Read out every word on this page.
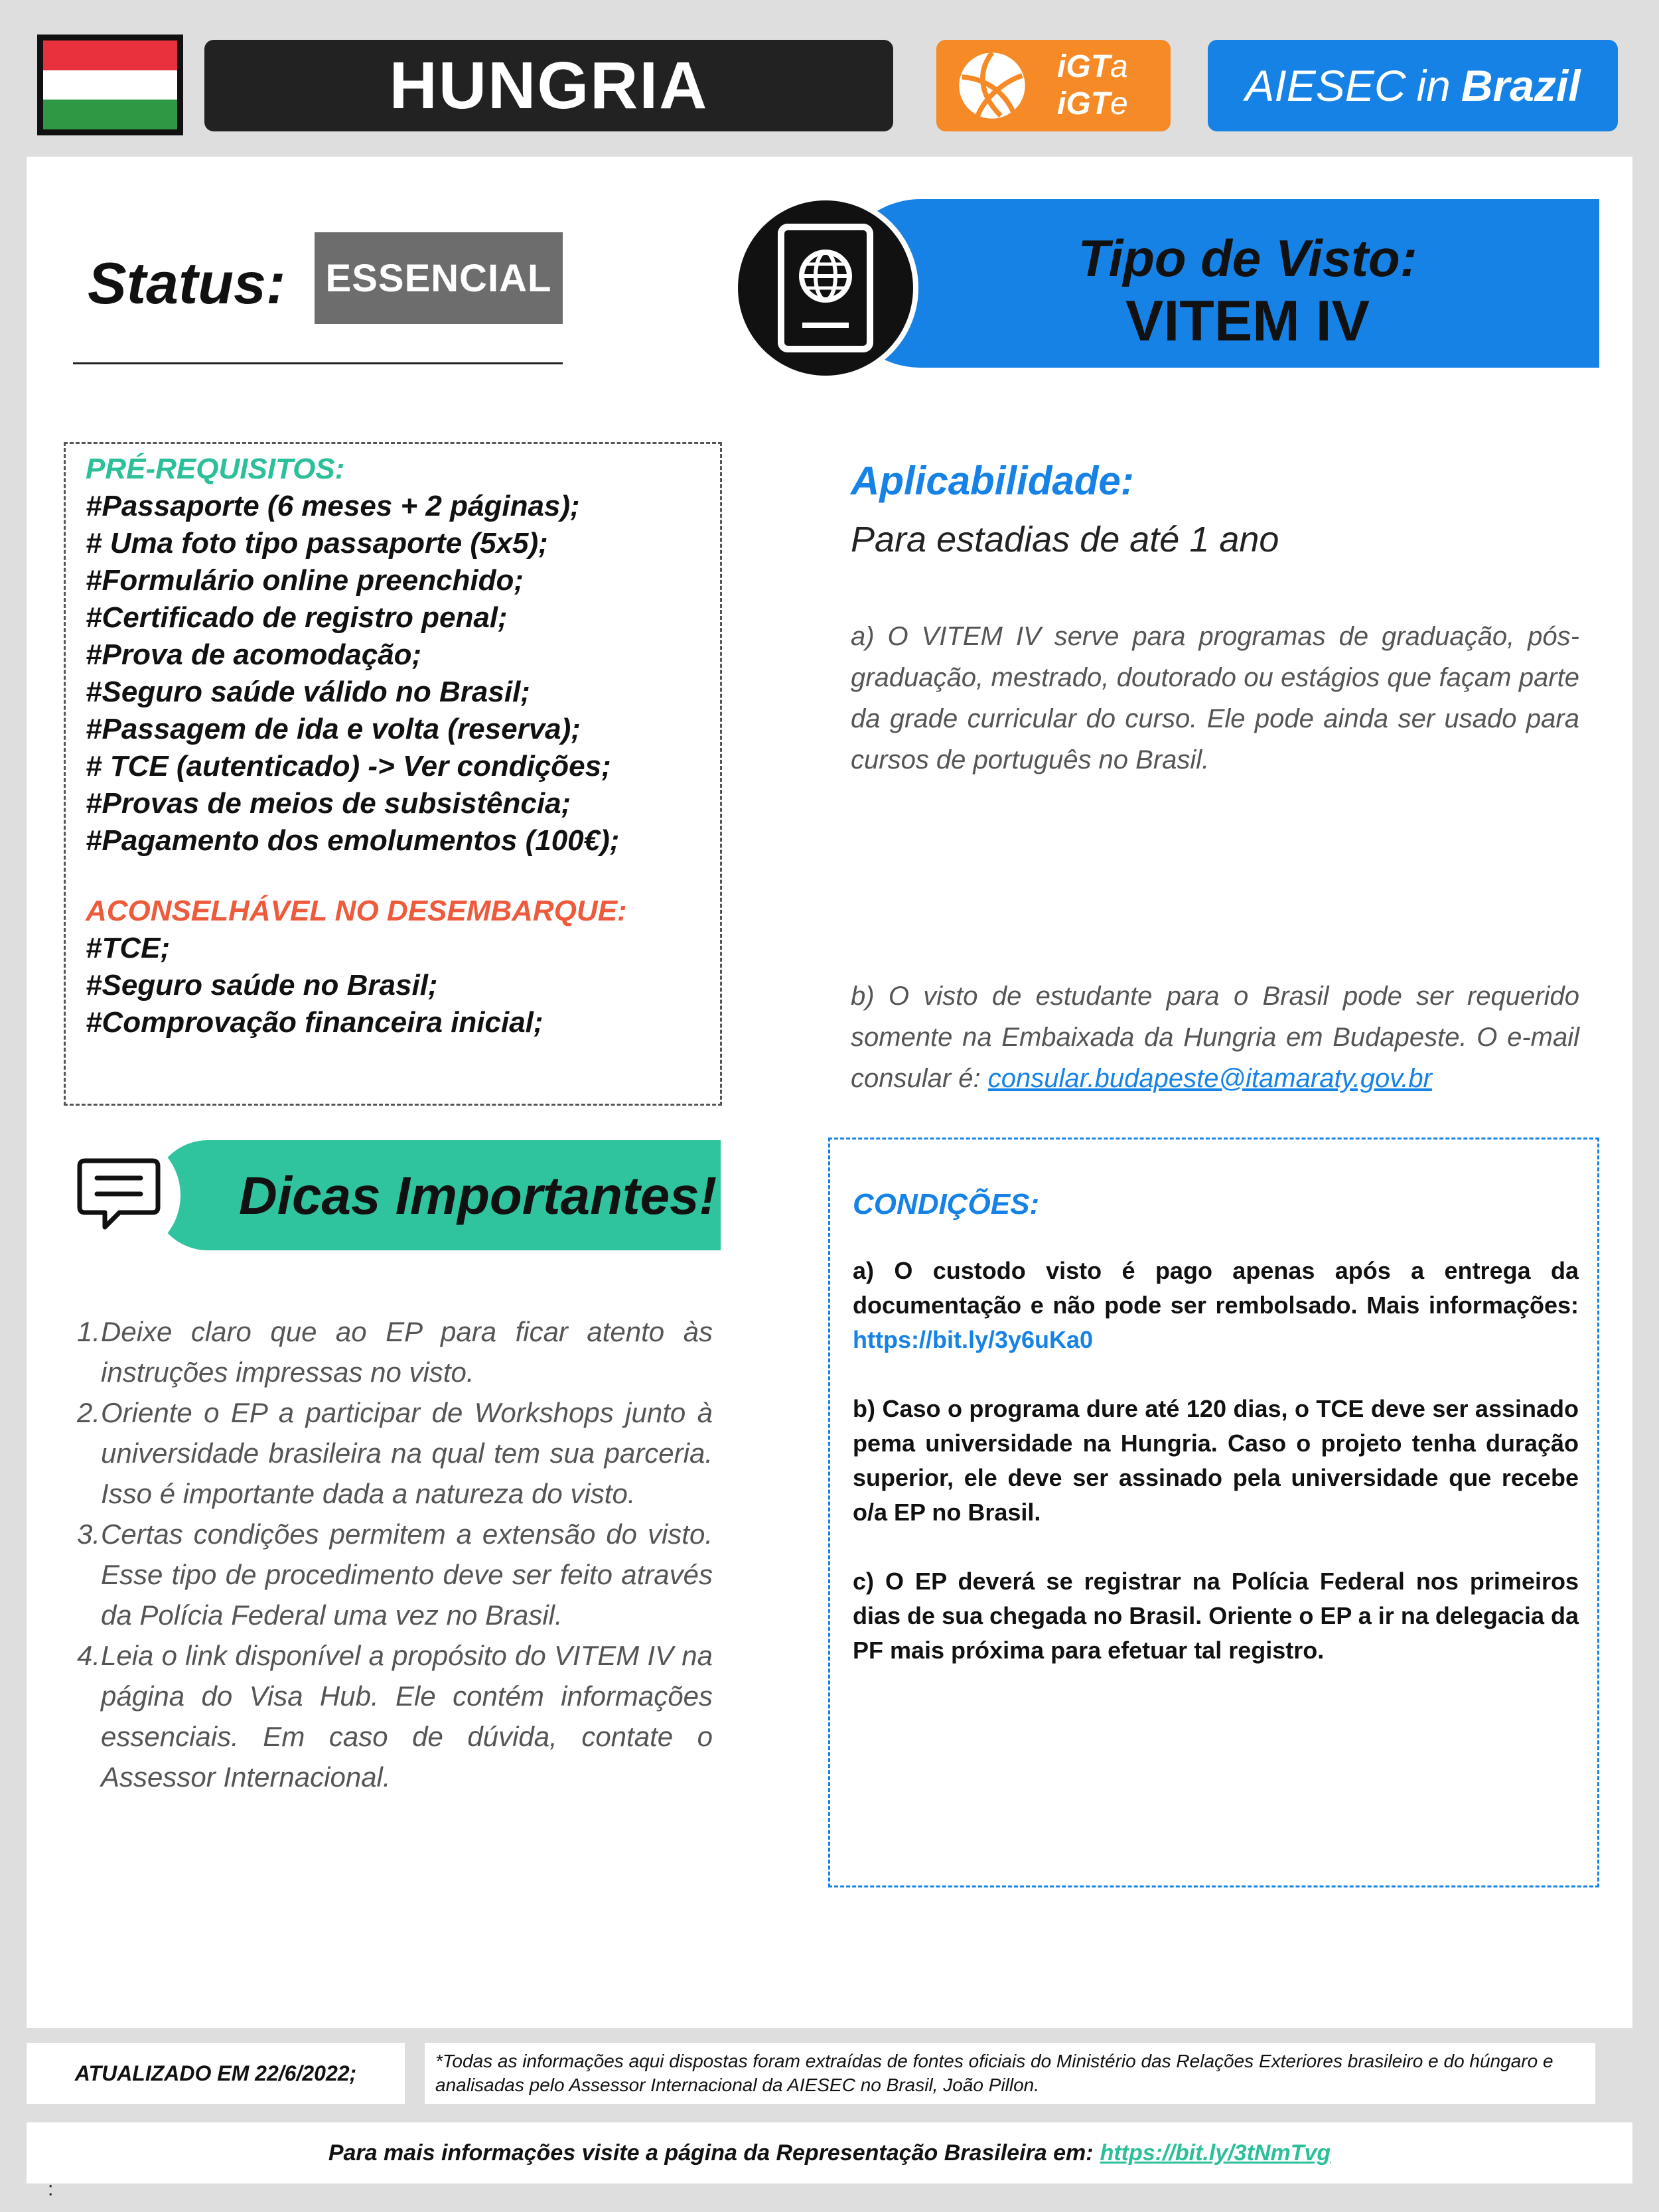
HUNGRIA	iGTa
iGTe	AIESEC in Brazil
Status: ESSENCIAL	Tipo de Visto:
VITEM IV
PRÉ-REQUISITOS:
#Passaporte (6 meses + 2 páginas);
# Uma foto tipo passaporte (5x5);
#Formulário online preenchido;
#Certificado de registro penal;
#Prova de acomodação;
#Seguro saúde válido no Brasil;
#Passagem de ida e volta (reserva);
# TCE (autenticado) -> Ver condições;
#Provas de meios de subsistência;
#Pagamento dos emolumentos (100€);
ACONSELHÁVEL NO DESEMBARQUE:
#TCE;
#Seguro saúde no Brasil; #Comprovação financeira inicial;
Aplicabilidade:
Para estadias de até 1 ano
a) O VITEM IV serve para programas de graduação, pós-graduação, mestrado, doutorado ou estágios que façam parte da grade curricular do curso. Ele pode ainda ser usado para cursos de português no Brasil.
b) O visto de estudante para o Brasil pode ser requerido somente na Embaixada da Hungria em Budapeste. O e-mail consular é: consular.budapeste@itamaraty.gov.br
Dicas Importantes!
1. Deixe claro que ao EP para ficar atento às instruções impressas no visto.
2. Oriente o EP a participar de Workshops junto à universidade brasileira na qual tem sua parceria. Isso é importante dada a natureza do visto.
3. Certas condições permitem a extensão do visto. Esse tipo de procedimento deve ser feito através da Polícia Federal uma vez no Brasil.
4. Leia o link disponível a propósito do VITEM IV na página do Visa Hub. Ele contém informações essenciais. Em caso de dúvida, contate o Assessor Internacional.
CONDIÇÕES:

a) O custodo visto é pago apenas após a entrega da documentação e não pode ser rembolsado. Mais informações: https://bit.ly/3y6uKa0

b) Caso o programa dure até 120 dias, o TCE deve ser assinado pema universidade na Hungria. Caso o projeto tenha duração superior, ele deve ser assinado pela universidade que recebe o/a EP no Brasil.

c) O EP deverá se registrar na Polícia Federal nos primeiros dias de sua chegada no Brasil. Oriente o EP a ir na delegacia da PF mais próxima para efetuar tal registro.

ATUALIZADO EM 22/6/2022;	*Todas as informações aqui dispostas foram extraídas de fontes oficiais do Ministério das Relações Exteriores brasileiro e do húngaro e analisadas pelo Assessor Internacional da AIESEC no Brasil, João Pillon.
Para mais informações visite a página da Representação Brasileira em: https://bit.ly/3tNmTvg
:
